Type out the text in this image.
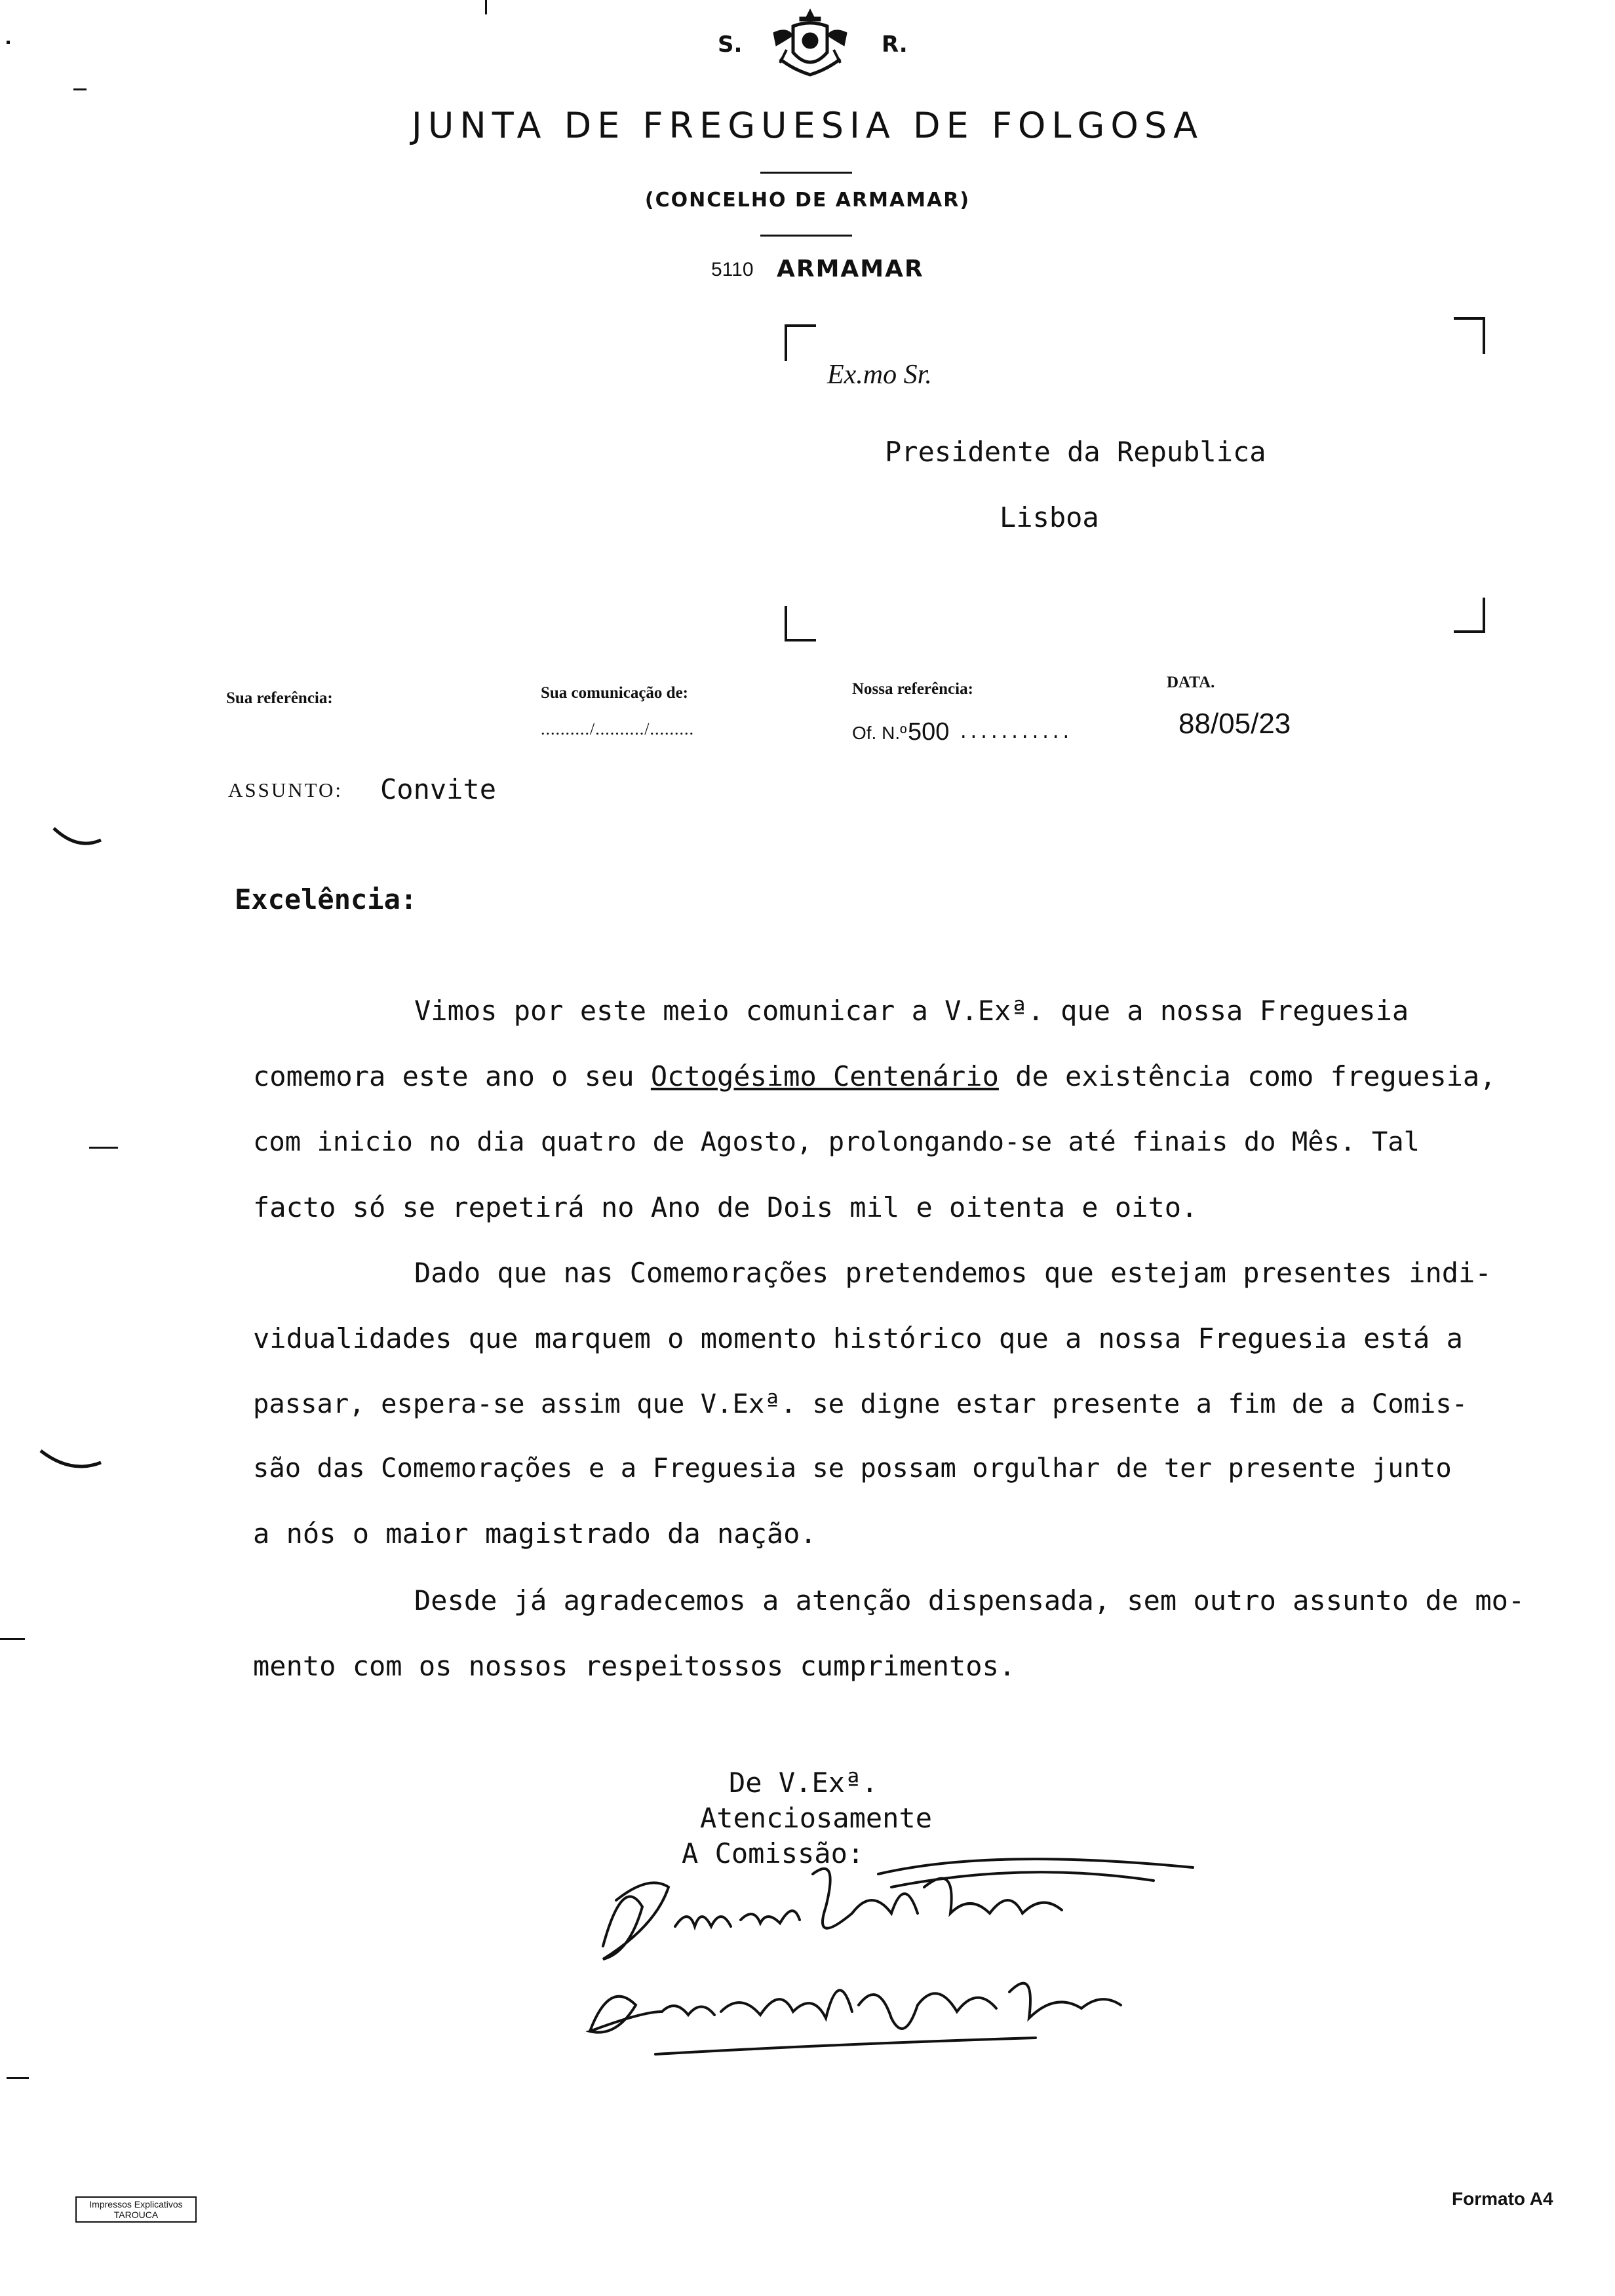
S.	R.
JUNTA DE FREGUESIA DE FOLGOSA
(CONCELHO DE ARMAMAR)
5110 ARMAMAR
Ex.mo Sr.
Presidente da Republica
Lisboa
Sua referência:	Sua comunicação de:
........../........../.........
Nossa referência:
Of. N.º 500 ...........
DATA.
88/05/23
ASSUNTO: Convite
Excelência:
Vimos por este meio comunicar a V.Exª. que a nossa Freguesia
comemora este ano o seu Octogésimo Centenário de existência como freguesia,
com inicio no dia quatro de Agosto, prolongando-se até finais do Mês. Tal
facto só se repetirá no Ano de Dois mil e oitenta e oito.
Dado que nas Comemorações pretendemos que estejam presentes indi-
vidualidades que marquem o momento histórico que a nossa Freguesia está a
passar, espera-se assim que V.Exª. se digne estar presente a fim de a Comis-
são das Comemorações e a Freguesia se possam orgulhar de ter presente junto
a nós o maior magistrado da nação.
Desde já agradecemos a atenção dispensada, sem outro assunto de mo-
mento com os nossos respeitossos cumprimentos.
De V.Exª.
Atenciosamente
A Comissão:
Impressos Explicativos
TAROUCA
Formato A4
